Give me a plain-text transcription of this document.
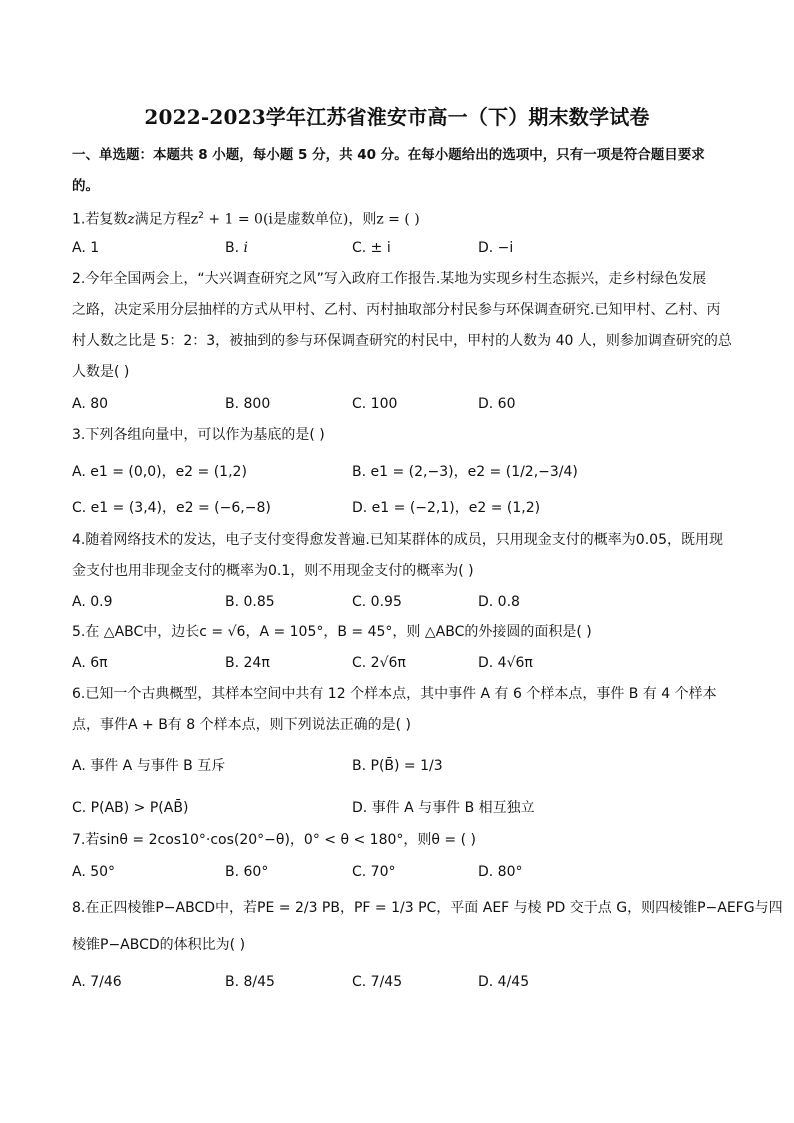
2022-2023学年江苏省淮安市高一（下）期末数学试卷
一、单选题：本题共 8 小题，每小题 5 分，共 40 分。在每小题给出的选项中，只有一项是符合题目要求
的。
1.若复数z满足方程$z^2 + 1 = 0(i$是虚数单位)，则z = ( )
A. 1	B. i	C. ± i	D. −i
2.今年全国两会上，“大兴调查研究之风”写入政府工作报告.某地为实现乡村生态振兴，走乡村绿色发展
之路，决定采用分层抽样的方式从甲村、乙村、丙村抽取部分村民参与环保调查研究.已知甲村、乙村、丙
村人数之比是 5：2：3，被抽到的参与环保调查研究的村民中，甲村的人数为 40 人，则参加调查研究的总
人数是( )
A. 80	B. 800	C. 100	D. 60
3.下列各组向量中，可以作为基底的是( )
A. e1 = (0,0)，e2 = (1,2)	B. e1 = (2,−3)，e2 = (1/2,−3/4)
C. e1 = (3,4)，e2 = (−6,−8)	D. e1 = (−2,1)，e2 = (1,2)
4.随着网络技术的发达，电子支付变得愈发普遍.已知某群体的成员，只用现金支付的概率为0.05，既用现
金支付也用非现金支付的概率为0.1，则不用现金支付的概率为( )
A. 0.9	B. 0.85	C. 0.95	D. 0.8
5.在 △ABC中，边长c = √6，A = 105°，B = 45°，则 △ABC的外接圆的面积是( )
A. 6π	B. 24π	C. 2√6π	D. 4√6π
6.已知一个古典概型，其样本空间中共有 12 个样本点，其中事件 A 有 6 个样本点，事件 B 有 4 个样本
点，事件A + B有 8 个样本点，则下列说法正确的是( )
A. 事件 A 与事件 B 互斥	B. P(B̄) = 1/3
C. P(AB) > P(AB̄)	D. 事件 A 与事件 B 相互独立
7.若sinθ = 2cos10°·cos(20°−θ)，0° < θ < 180°，则θ = ( )
A. 50°	B. 60°	C. 70°	D. 80°
8.在正四棱锥P−ABCD中，若PE = 2/3 PB，PF = 1/3 PC，平面 AEF 与棱 PD 交于点 G，则四棱锥P−AEFG与四
棱锥P−ABCD的体积比为( )
A. 7/46	B. 8/45	C. 7/45	D. 4/45
